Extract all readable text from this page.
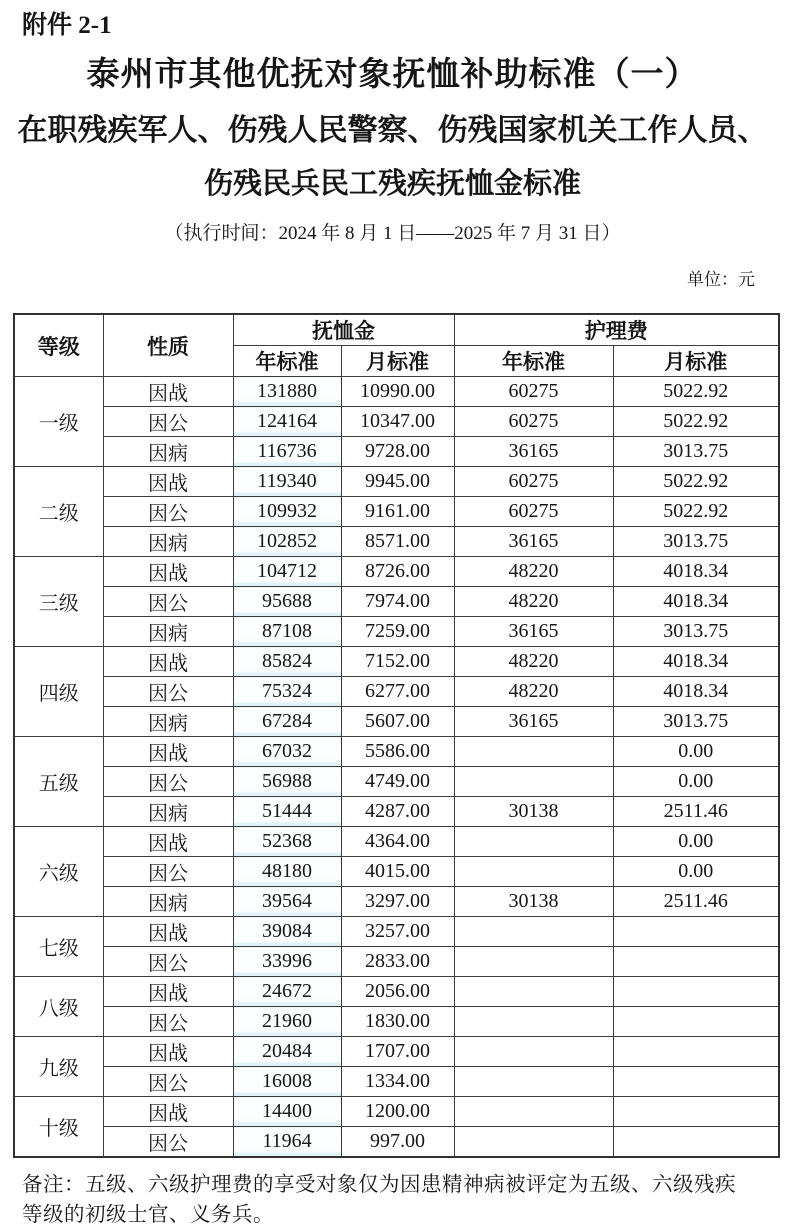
附件 2-1
泰州市其他优抚对象抚恤补助标准（一）
在职残疾军人、伤残人民警察、伤残国家机关工作人员、
伤残民兵民工残疾抚恤金标准
（执行时间：2024 年 8 月 1 日——2025 年 7 月 31 日）
单位：元
等级	性质	抚恤金		护理费	
		年标准	月标准	年标准	月标准
一级	因战	131880	10990.00	60275	5022.92
	因公	124164	10347.00	60275	5022.92
	因病	116736	9728.00	36165	3013.75
二级	因战	119340	9945.00	60275	5022.92
	因公	109932	9161.00	60275	5022.92
	因病	102852	8571.00	36165	3013.75
三级	因战	104712	8726.00	48220	4018.34
	因公	95688	7974.00	48220	4018.34
	因病	87108	7259.00	36165	3013.75
四级	因战	85824	7152.00	48220	4018.34
	因公	75324	6277.00	48220	4018.34
	因病	67284	5607.00	36165	3013.75
五级	因战	67032	5586.00		0.00
	因公	56988	4749.00		0.00
	因病	51444	4287.00	30138	2511.46
六级	因战	52368	4364.00		0.00
	因公	48180	4015.00		0.00
	因病	39564	3297.00	30138	2511.46
七级	因战	39084	3257.00		
	因公	33996	2833.00		
八级	因战	24672	2056.00		
	因公	21960	1830.00		
九级	因战	20484	1707.00		
	因公	16008	1334.00		
十级	因战	14400	1200.00		
	因公	11964	997.00		
备注：五级、六级护理费的享受对象仅为因患精神病被评定为五级、六级残疾
等级的初级士官、义务兵。
